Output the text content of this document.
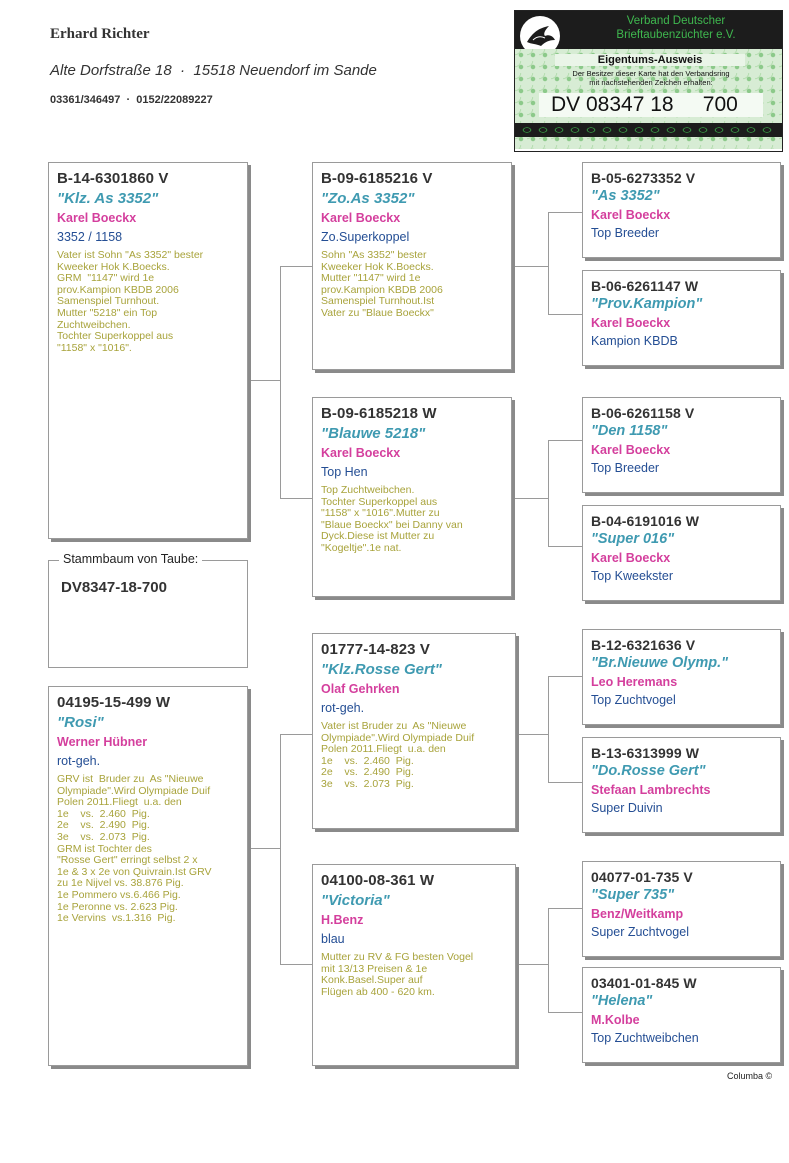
Erhard Richter
Alte Dorfstraße 18  ·  15518 Neuendorf im Sande
03361/346497  ·  0152/22089227
Verband Deutscher
Brieftaubenzüchter e.V.
Eigentums-Ausweis
Der Besitzer dieser Karte hat den Verbandsring
mit nachstehenden Zeichen erhalten:
DV 08347 18     700
B-14-6301860 V
"Klz. As 3352"
Karel Boeckx
3352 / 1158
Vater ist Sohn "As 3352" bester
Kweeker Hok K.Boecks.
GRM  "1147" wird 1e
prov.Kampion KBDB 2006
Samenspiel Turnhout.
Mutter "5218" ein Top
Zuchtweibchen.
Tochter Superkoppel aus
"1158" x "1016".
Stammbaum von Taube:
DV8347-18-700
04195-15-499 W
"Rosi"
Werner Hübner
rot-geh.
GRV ist  Bruder zu  As "Nieuwe
Olympiade".Wird Olympiade Duif
Polen 2011.Fliegt  u.a. den
1e    vs.  2.460  Pig.
2e    vs.  2.490  Pig.
3e    vs.  2.073  Pig.
GRM ist Tochter des
"Rosse Gert" erringt selbst 2 x
1e & 3 x 2e von Quivrain.Ist GRV
zu 1e Nijvel vs. 38.876 Pig.
1e Pommero vs.6.466 Pig.
1e Peronne vs. 2.623 Pig.
1e Vervins  vs.1.316  Pig.
B-09-6185216 V
"Zo.As 3352"
Karel Boeckx
Zo.Superkoppel
Sohn "As 3352" bester
Kweeker Hok K.Boecks.
Mutter "1147" wird 1e
prov.Kampion KBDB 2006
Samenspiel Turnhout.Ist
Vater zu "Blaue Boeckx"
B-09-6185218 W
"Blauwe 5218"
Karel Boeckx
Top Hen
Top Zuchtweibchen.
Tochter Superkoppel aus
"1158" x "1016".Mutter zu
"Blaue Boeckx" bei Danny van
Dyck.Diese ist Mutter zu
"Kogeltje".1e nat.
01777-14-823 V
"Klz.Rosse Gert"
Olaf Gehrken
rot-geh.
Vater ist Bruder zu  As "Nieuwe
Olympiade".Wird Olympiade Duif
Polen 2011.Fliegt  u.a. den
1e    vs.  2.460  Pig.
2e    vs.  2.490  Pig.
3e    vs.  2.073  Pig.
04100-08-361 W
"Victoria"
H.Benz
blau
Mutter zu RV & FG besten Vogel
mit 13/13 Preisen & 1e
Konk.Basel.Super auf
Flügen ab 400 - 620 km.
B-05-6273352 V
"As 3352"
Karel Boeckx
Top Breeder
B-06-6261147 W
"Prov.Kampion"
Karel Boeckx
Kampion KBDB
B-06-6261158 V
"Den 1158"
Karel Boeckx
Top Breeder
B-04-6191016 W
"Super 016"
Karel Boeckx
Top Kweekster
B-12-6321636 V
"Br.Nieuwe Olymp."
Leo Heremans
Top Zuchtvogel
B-13-6313999 W
"Do.Rosse Gert"
Stefaan Lambrechts
Super Duivin
04077-01-735 V
"Super 735"
Benz/Weitkamp
Super Zuchtvogel
03401-01-845 W
"Helena"
M.Kolbe
Top Zuchtweibchen
Columba ©
